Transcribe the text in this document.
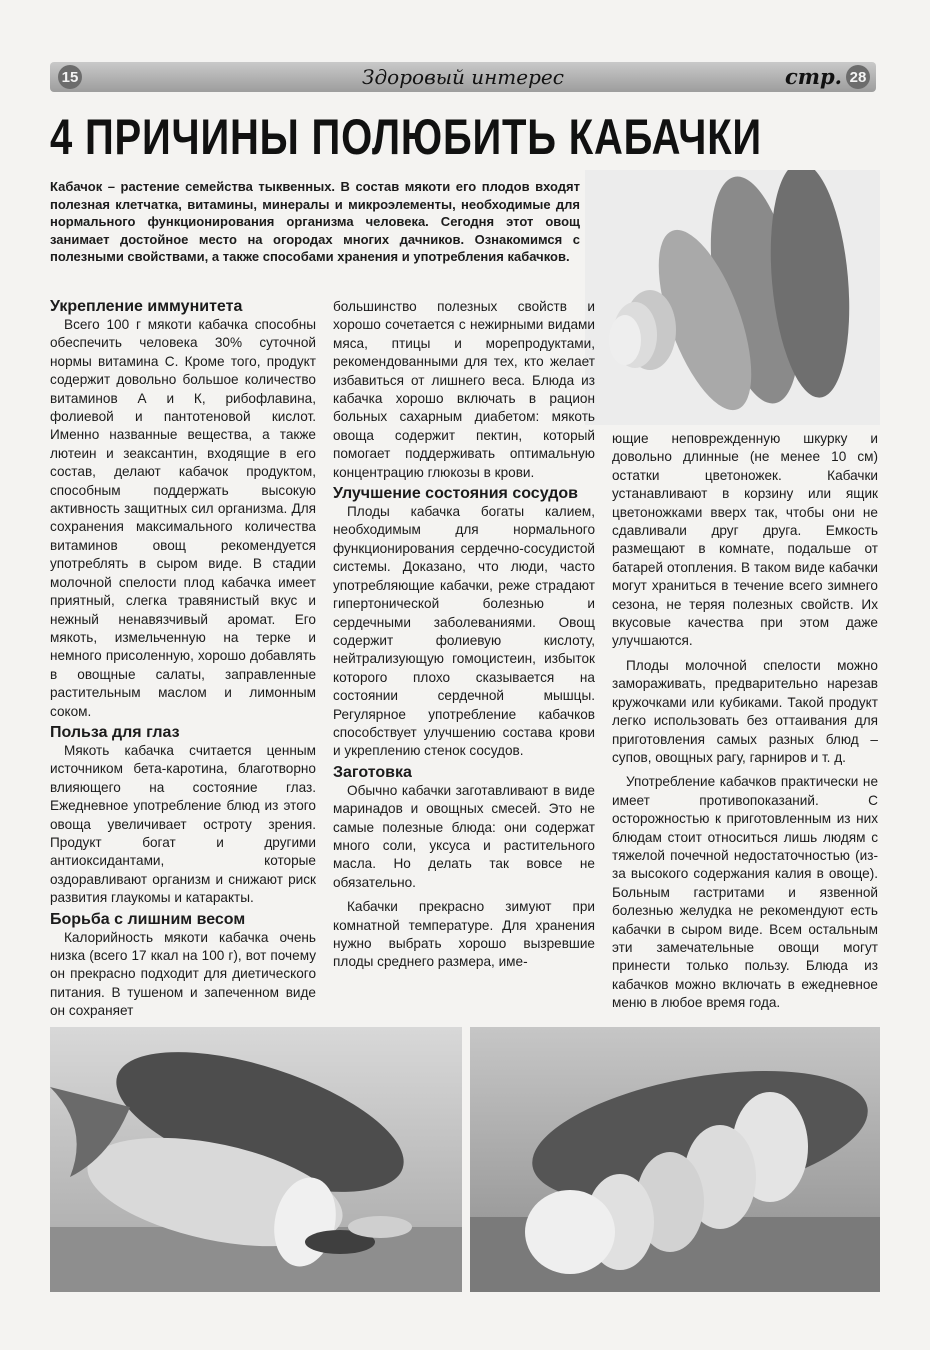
15	Здоровый интерес	стр. 28
4 ПРИЧИНЫ ПОЛЮБИТЬ КАБАЧКИ
Кабачок – растение семейства тыквенных. В состав мякоти его плодов входят полезная клетчатка, витамины, минералы и микроэлементы, необходимые для нормального функционирования организма человека. Сегодня этот овощ занимает достойное место на огородах многих дачников. Ознакомимся с полезными свойствами, а также способами хранения и употребления кабачков.
Укрепление иммунитета

Всего 100 г мякоти кабачка способны обеспечить человека 30% суточной нормы витамина С. Кроме того, продукт содержит довольно большое количество витаминов А и К, рибофлавина, фолиевой и пантотеновой кислот. Именно названные вещества, а также лютеин и зеаксантин, входящие в его состав, делают кабачок продуктом, способным поддержать высокую активность защитных сил организма. Для сохранения максимального количества витаминов овощ рекомендуется употреблять в сыром виде. В стадии молочной спелости плод кабачка имеет приятный, слегка травянистый вкус и нежный ненавязчивый аромат. Его мякоть, измельченную на терке и немного присоленную, хорошо добавлять в овощные салаты, заправленные растительным маслом и лимонным соком.

Польза для глаз

Мякоть кабачка считается ценным источником бета-каротина, благотворно влияющего на состояние глаз. Ежедневное употребление блюд из этого овоща увеличивает остроту зрения. Продукт богат и другими антиоксидантами, которые оздоравливают организм и снижают риск развития глаукомы и катаракты.

Борьба с лишним весом

Калорийность мякоти кабачка очень низка (всего 17 ккал на 100 г), вот почему он прекрасно подходит для диетического питания. В тушеном и запеченном виде он сохраняет

большинство полезных свойств и хорошо сочетается с нежирными видами мяса, птицы и морепродуктами, рекомендованными для тех, кто желает избавиться от лишнего веса. Блюда из кабачка хорошо включать в рацион больных сахарным диабетом: мякоть овоща содержит пектин, который помогает поддерживать оптимальную концентрацию глюкозы в крови.

Улучшение состояния сосудов

Плоды кабачка богаты калием, необходимым для нормального функционирования сердечно-сосудистой системы. Доказано, что люди, часто употребляющие кабачки, реже страдают гипертонической болезнью и сердечными заболеваниями. Овощ содержит фолиевую кислоту, нейтрализующую гомоцистеин, избыток которого плохо сказывается на состоянии сердечной мышцы. Регулярное употребление кабачков способствует улучшению состава крови и укреплению стенок сосудов.

Заготовка

Обычно кабачки заготавливают в виде маринадов и овощных смесей. Это не самые полезные блюда: они содержат много соли, уксуса и растительного масла. Но делать так вовсе не обязательно.

Кабачки прекрасно зимуют при комнатной температуре. Для хранения нужно выбрать хорошо вызревшие плоды среднего размера, име-

ющие неповрежденную шкурку и довольно длинные (не менее 10 см) остатки цветоножек. Кабачки устанавливают в корзину или ящик цветоножками вверх так, чтобы они не сдавливали друг друга. Емкость размещают в комнате, подальше от батарей отопления. В таком виде кабачки могут храниться в течение всего зимнего сезона, не теряя полезных свойств. Их вкусовые качества при этом даже улучшаются.

Плоды молочной спелости можно замораживать, предварительно нарезав кружочками или кубиками. Такой продукт легко использовать без оттаивания для приготовления самых разных блюд – супов, овощных рагу, гарниров и т. д.

Употребление кабачков практически не имеет противопоказаний. С осторожностью к приготовленным из них блюдам стоит относиться лишь людям с тяжелой почечной недостаточностью (из-за высокого содержания калия в овоще). Больным гастритами и язвенной болезнью желудка не рекомендуют есть кабачки в сыром виде. Всем остальным эти замечательные овощи могут принести только пользу. Блюда из кабачков можно включать в ежедневное меню в любое время года.
